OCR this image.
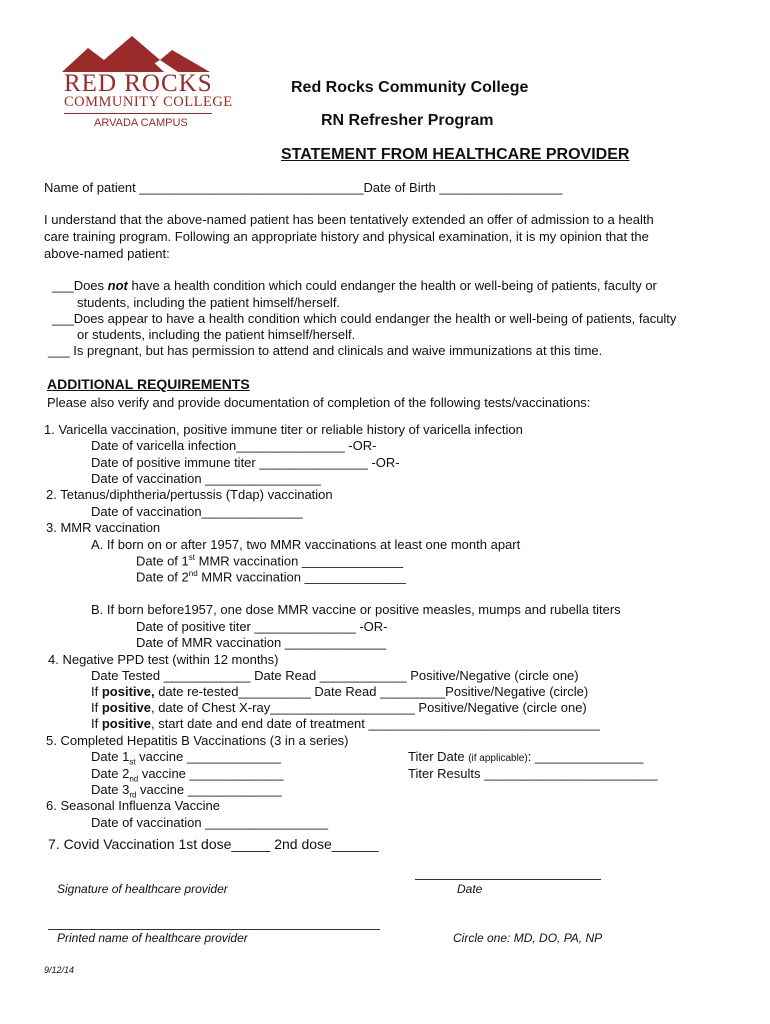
RED ROCKS
COMMUNITY COLLEGE
ARVADA CAMPUS
Red Rocks Community College
RN Refresher Program
STATEMENT FROM HEALTHCARE PROVIDER
Name of patient _______________________________Date of Birth _________________
I understand that the above-named patient has been tentatively extended an offer of admission to a health
care training program. Following an appropriate history and physical examination, it is my opinion that the
above-named patient:
___Does not have a health condition which could endanger the health or well-being of patients, faculty or
students, including the patient himself/herself.
___Does appear to have a health condition which could endanger the health or well-being of patients, faculty
or students, including the patient himself/herself.
___ Is pregnant, but has permission to attend and clinicals and waive immunizations at this time.
ADDITIONAL REQUIREMENTS
Please also verify and provide documentation of completion of the following tests/vaccinations:
1. Varicella vaccination, positive immune titer or reliable history of varicella infection
Date of varicella infection_______________ -OR-
Date of positive immune titer _______________ -OR-
Date of vaccination ________________
2. Tetanus/diphtheria/pertussis (Tdap) vaccination
Date of vaccination______________
3. MMR vaccination
A. If born on or after 1957, two MMR vaccinations at least one month apart
Date of 1st MMR vaccination ______________
Date of 2nd MMR vaccination ______________
B. If born before1957, one dose MMR vaccine or positive measles, mumps and rubella titers
Date of positive titer ______________ -OR-
Date of MMR vaccination ______________
4. Negative PPD test (within 12 months)
Date Tested ____________ Date Read ____________ Positive/Negative (circle one)
If positive, date re-tested__________ Date Read _________Positive/Negative (circle)
If positive, date of Chest X-ray____________________ Positive/Negative (circle one)
If positive, start date and end date of treatment ________________________________
5. Completed Hepatitis B Vaccinations (3 in a series)
Date $1_{st}$ vaccine _____________
Date $2_{nd}$ vaccine _____________
Date $3_{rd}$ vaccine _____________
Titer Date (if applicable): _______________
Titer Results ________________________
6. Seasonal Influenza Vaccine
Date of vaccination _________________
7. Covid Vaccination 1st dose_____ 2nd dose______
Signature of healthcare provider	Date
Printed name of healthcare provider	Circle one: MD, DO, PA, NP
9/12/14
